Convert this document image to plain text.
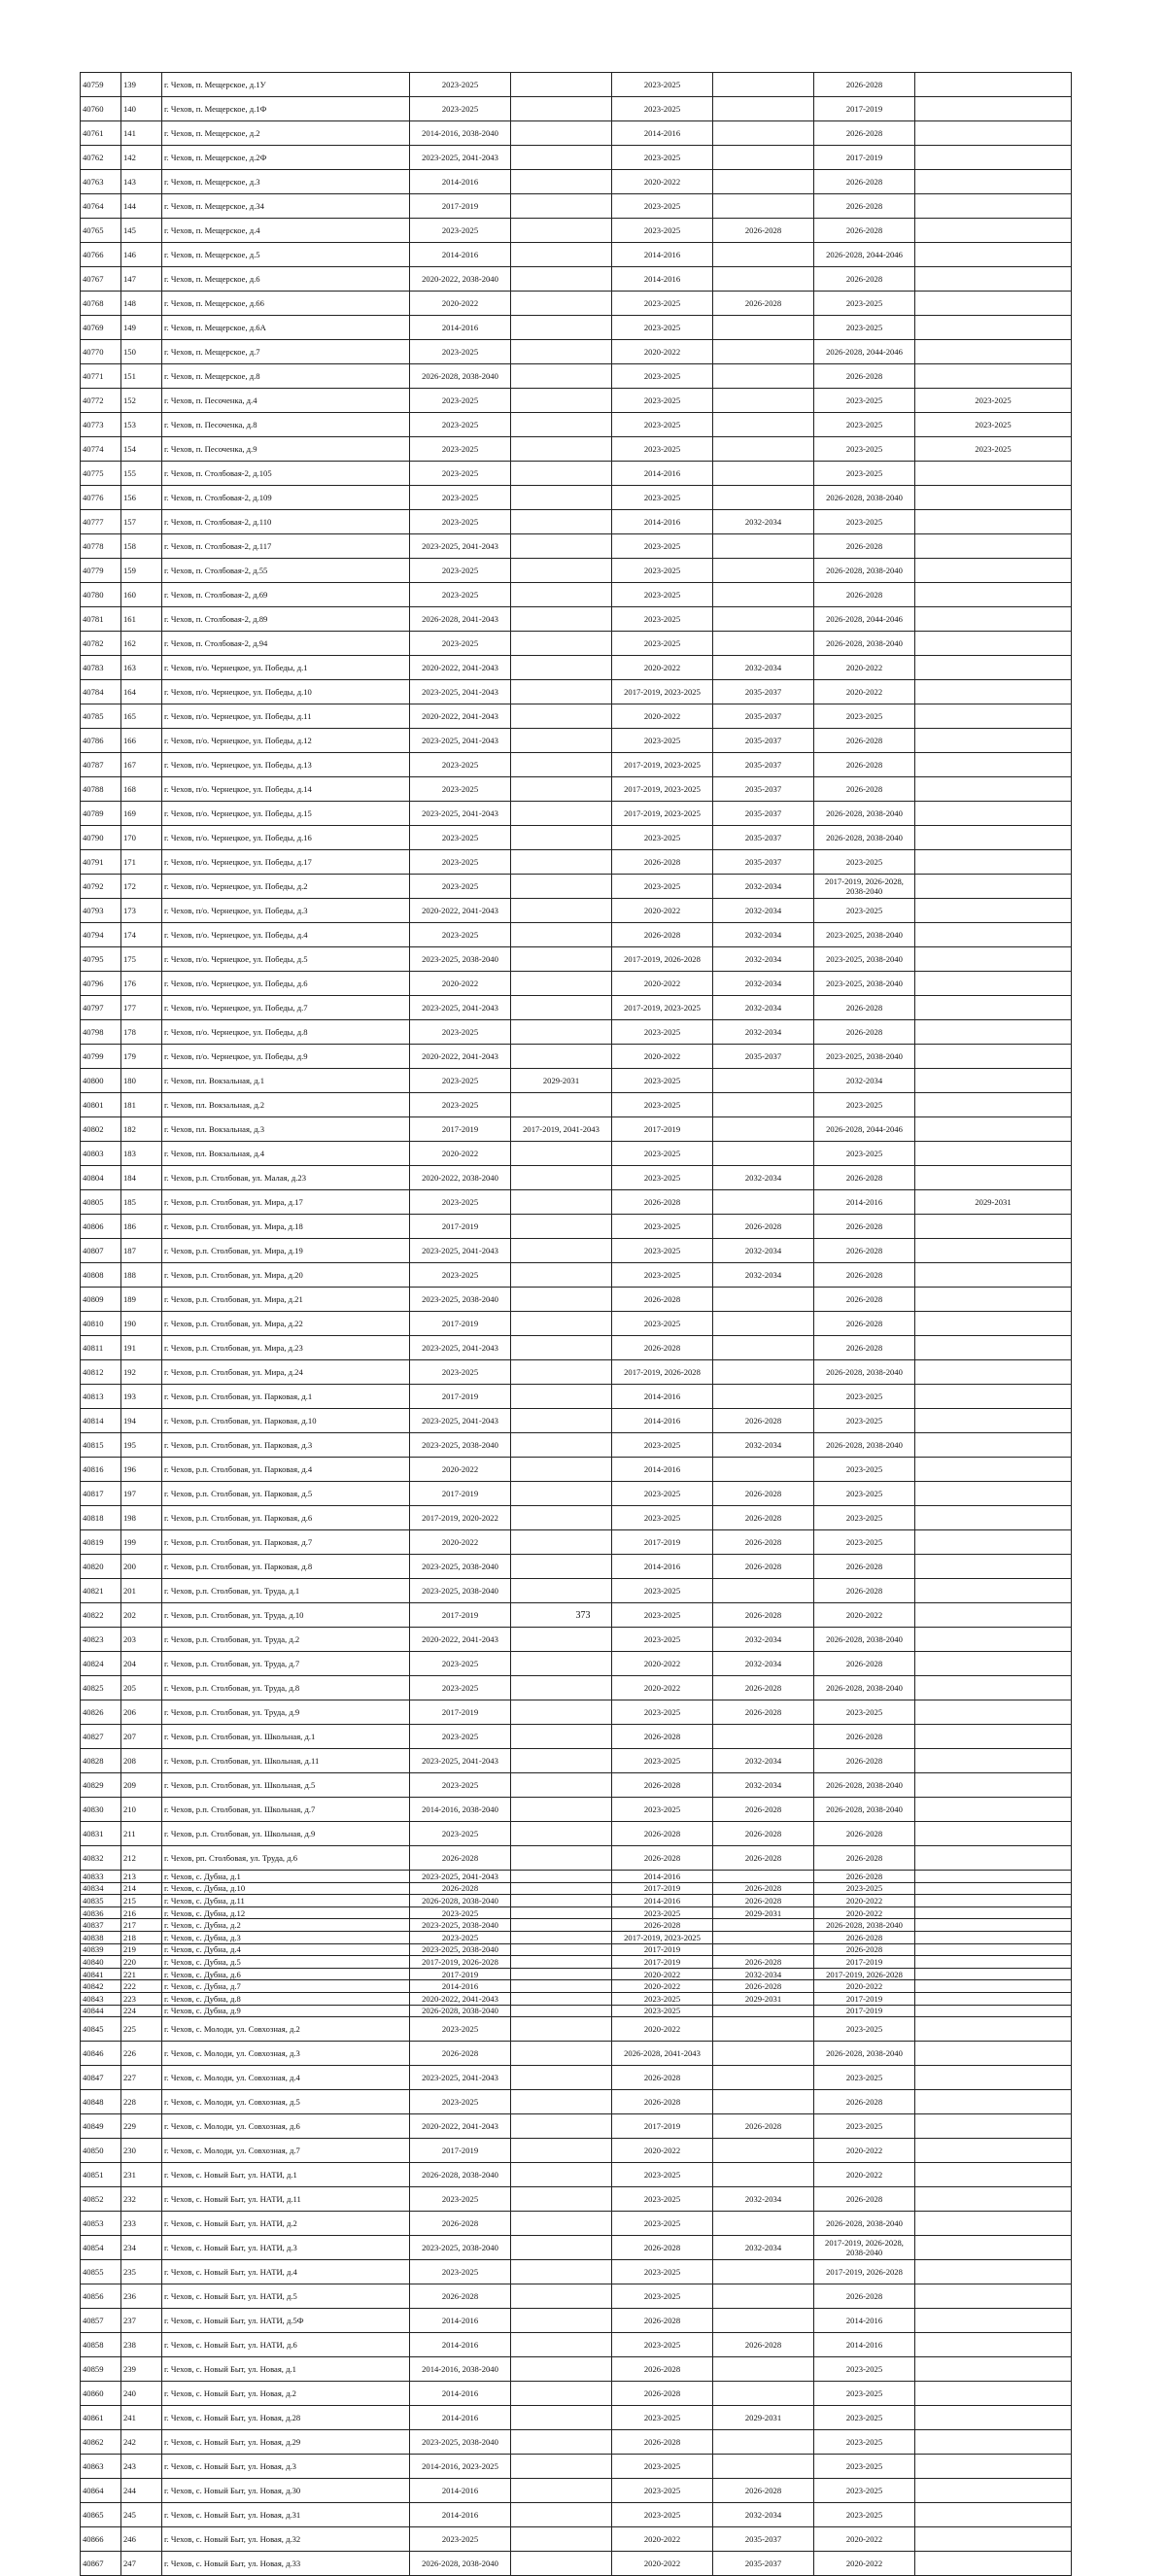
40759	139	г. Чехов, п. Мещерское, д.1У	2023-2025		2023-2025		2026-2028	
40760	140	г. Чехов, п. Мещерское, д.1Ф	2023-2025		2023-2025		2017-2019	
40761	141	г. Чехов, п. Мещерское, д.2	2014-2016, 2038-2040		2014-2016		2026-2028	
40762	142	г. Чехов, п. Мещерское, д.2Ф	2023-2025, 2041-2043		2023-2025		2017-2019	
40763	143	г. Чехов, п. Мещерское, д.3	2014-2016		2020-2022		2026-2028	
40764	144	г. Чехов, п. Мещерское, д.34	2017-2019		2023-2025		2026-2028	
40765	145	г. Чехов, п. Мещерское, д.4	2023-2025		2023-2025	2026-2028	2026-2028	
40766	146	г. Чехов, п. Мещерское, д.5	2014-2016		2014-2016		2026-2028, 2044-2046	
40767	147	г. Чехов, п. Мещерское, д.6	2020-2022, 2038-2040		2014-2016		2026-2028	
40768	148	г. Чехов, п. Мещерское, д.66	2020-2022		2023-2025	2026-2028	2023-2025	
40769	149	г. Чехов, п. Мещерское, д.6А	2014-2016		2023-2025		2023-2025	
40770	150	г. Чехов, п. Мещерское, д.7	2023-2025		2020-2022		2026-2028, 2044-2046	
40771	151	г. Чехов, п. Мещерское, д.8	2026-2028, 2038-2040		2023-2025		2026-2028	
40772	152	г. Чехов, п. Песоченка, д.4	2023-2025		2023-2025		2023-2025	2023-2025
40773	153	г. Чехов, п. Песоченка, д.8	2023-2025		2023-2025		2023-2025	2023-2025
40774	154	г. Чехов, п. Песоченка, д.9	2023-2025		2023-2025		2023-2025	2023-2025
40775	155	г. Чехов, п. Столбовая-2, д.105	2023-2025		2014-2016		2023-2025	
40776	156	г. Чехов, п. Столбовая-2, д.109	2023-2025		2023-2025		2026-2028, 2038-2040	
40777	157	г. Чехов, п. Столбовая-2, д.110	2023-2025		2014-2016	2032-2034	2023-2025	
40778	158	г. Чехов, п. Столбовая-2, д.117	2023-2025, 2041-2043		2023-2025		2026-2028	
40779	159	г. Чехов, п. Столбовая-2, д.55	2023-2025		2023-2025		2026-2028, 2038-2040	
40780	160	г. Чехов, п. Столбовая-2, д.69	2023-2025		2023-2025		2026-2028	
40781	161	г. Чехов, п. Столбовая-2, д.89	2026-2028, 2041-2043		2023-2025		2026-2028, 2044-2046	
40782	162	г. Чехов, п. Столбовая-2, д.94	2023-2025		2023-2025		2026-2028, 2038-2040	
40783	163	г. Чехов, п/о. Чернецкое, ул. Победы, д.1	2020-2022, 2041-2043		2020-2022	2032-2034	2020-2022	
40784	164	г. Чехов, п/о. Чернецкое, ул. Победы, д.10	2023-2025, 2041-2043		2017-2019, 2023-2025	2035-2037	2020-2022	
40785	165	г. Чехов, п/о. Чернецкое, ул. Победы, д.11	2020-2022, 2041-2043		2020-2022	2035-2037	2023-2025	
40786	166	г. Чехов, п/о. Чернецкое, ул. Победы, д.12	2023-2025, 2041-2043		2023-2025	2035-2037	2026-2028	
40787	167	г. Чехов, п/о. Чернецкое, ул. Победы, д.13	2023-2025		2017-2019, 2023-2025	2035-2037	2026-2028	
40788	168	г. Чехов, п/о. Чернецкое, ул. Победы, д.14	2023-2025		2017-2019, 2023-2025	2035-2037	2026-2028	
40789	169	г. Чехов, п/о. Чернецкое, ул. Победы, д.15	2023-2025, 2041-2043		2017-2019, 2023-2025	2035-2037	2026-2028, 2038-2040	
40790	170	г. Чехов, п/о. Чернецкое, ул. Победы, д.16	2023-2025		2023-2025	2035-2037	2026-2028, 2038-2040	
40791	171	г. Чехов, п/о. Чернецкое, ул. Победы, д.17	2023-2025		2026-2028	2035-2037	2023-2025	
40792	172	г. Чехов, п/о. Чернецкое, ул. Победы, д.2	2023-2025		2023-2025	2032-2034	2017-2019, 2026-2028, 2038-2040	
40793	173	г. Чехов, п/о. Чернецкое, ул. Победы, д.3	2020-2022, 2041-2043		2020-2022	2032-2034	2023-2025	
40794	174	г. Чехов, п/о. Чернецкое, ул. Победы, д.4	2023-2025		2026-2028	2032-2034	2023-2025, 2038-2040	
40795	175	г. Чехов, п/о. Чернецкое, ул. Победы, д.5	2023-2025, 2038-2040		2017-2019, 2026-2028	2032-2034	2023-2025, 2038-2040	
40796	176	г. Чехов, п/о. Чернецкое, ул. Победы, д.6	2020-2022		2020-2022	2032-2034	2023-2025, 2038-2040	
40797	177	г. Чехов, п/о. Чернецкое, ул. Победы, д.7	2023-2025, 2041-2043		2017-2019, 2023-2025	2032-2034	2026-2028	
40798	178	г. Чехов, п/о. Чернецкое, ул. Победы, д.8	2023-2025		2023-2025	2032-2034	2026-2028	
40799	179	г. Чехов, п/о. Чернецкое, ул. Победы, д.9	2020-2022, 2041-2043		2020-2022	2035-2037	2023-2025, 2038-2040	
40800	180	г. Чехов, пл. Вокзальная, д.1	2023-2025	2029-2031	2023-2025		2032-2034	
40801	181	г. Чехов, пл. Вокзальная, д.2	2023-2025		2023-2025		2023-2025	
40802	182	г. Чехов, пл. Вокзальная, д.3	2017-2019	2017-2019, 2041-2043	2017-2019		2026-2028, 2044-2046	
40803	183	г. Чехов, пл. Вокзальная, д.4	2020-2022		2023-2025		2023-2025	
40804	184	г. Чехов, р.п. Столбовая, ул. Малая, д.23	2020-2022, 2038-2040		2023-2025	2032-2034	2026-2028	
40805	185	г. Чехов, р.п. Столбовая, ул. Мира, д.17	2023-2025		2026-2028		2014-2016	2029-2031
40806	186	г. Чехов, р.п. Столбовая, ул. Мира, д.18	2017-2019		2023-2025	2026-2028	2026-2028	
40807	187	г. Чехов, р.п. Столбовая, ул. Мира, д.19	2023-2025, 2041-2043		2023-2025	2032-2034	2026-2028	
40808	188	г. Чехов, р.п. Столбовая, ул. Мира, д.20	2023-2025		2023-2025	2032-2034	2026-2028	
40809	189	г. Чехов, р.п. Столбовая, ул. Мира, д.21	2023-2025, 2038-2040		2026-2028		2026-2028	
40810	190	г. Чехов, р.п. Столбовая, ул. Мира, д.22	2017-2019		2023-2025		2026-2028	
40811	191	г. Чехов, р.п. Столбовая, ул. Мира, д.23	2023-2025, 2041-2043		2026-2028		2026-2028	
40812	192	г. Чехов, р.п. Столбовая, ул. Мира, д.24	2023-2025		2017-2019, 2026-2028		2026-2028, 2038-2040	
40813	193	г. Чехов, р.п. Столбовая, ул. Парковая, д.1	2017-2019		2014-2016		2023-2025	
40814	194	г. Чехов, р.п. Столбовая, ул. Парковая, д.10	2023-2025, 2041-2043		2014-2016	2026-2028	2023-2025	
40815	195	г. Чехов, р.п. Столбовая, ул. Парковая, д.3	2023-2025, 2038-2040		2023-2025	2032-2034	2026-2028, 2038-2040	
40816	196	г. Чехов, р.п. Столбовая, ул. Парковая, д.4	2020-2022		2014-2016		2023-2025	
40817	197	г. Чехов, р.п. Столбовая, ул. Парковая, д.5	2017-2019		2023-2025	2026-2028	2023-2025	
40818	198	г. Чехов, р.п. Столбовая, ул. Парковая, д.6	2017-2019, 2020-2022		2023-2025	2026-2028	2023-2025	
40819	199	г. Чехов, р.п. Столбовая, ул. Парковая, д.7	2020-2022		2017-2019	2026-2028	2023-2025	
40820	200	г. Чехов, р.п. Столбовая, ул. Парковая, д.8	2023-2025, 2038-2040		2014-2016	2026-2028	2026-2028	
40821	201	г. Чехов, р.п. Столбовая, ул. Труда, д.1	2023-2025, 2038-2040		2023-2025		2026-2028	
40822	202	г. Чехов, р.п. Столбовая, ул. Труда, д.10	2017-2019		2023-2025	2026-2028	2020-2022	
40823	203	г. Чехов, р.п. Столбовая, ул. Труда, д.2	2020-2022, 2041-2043		2023-2025	2032-2034	2026-2028, 2038-2040	
40824	204	г. Чехов, р.п. Столбовая, ул. Труда, д.7	2023-2025		2020-2022	2032-2034	2026-2028	
40825	205	г. Чехов, р.п. Столбовая, ул. Труда, д.8	2023-2025		2020-2022	2026-2028	2026-2028, 2038-2040	
40826	206	г. Чехов, р.п. Столбовая, ул. Труда, д.9	2017-2019		2023-2025	2026-2028	2023-2025	
40827	207	г. Чехов, р.п. Столбовая, ул. Школьная, д.1	2023-2025		2026-2028		2026-2028	
40828	208	г. Чехов, р.п. Столбовая, ул. Школьная, д.11	2023-2025, 2041-2043		2023-2025	2032-2034	2026-2028	
40829	209	г. Чехов, р.п. Столбовая, ул. Школьная, д.5	2023-2025		2026-2028	2032-2034	2026-2028, 2038-2040	
40830	210	г. Чехов, р.п. Столбовая, ул. Школьная, д.7	2014-2016, 2038-2040		2023-2025	2026-2028	2026-2028, 2038-2040	
40831	211	г. Чехов, р.п. Столбовая, ул. Школьная, д.9	2023-2025		2026-2028	2026-2028	2026-2028	
40832	212	г. Чехов, рп. Столбовая, ул. Труда, д.6	2026-2028		2026-2028	2026-2028	2026-2028	
40833	213	г. Чехов, с. Дубна, д.1	2023-2025, 2041-2043		2014-2016		2026-2028	
40834	214	г. Чехов, с. Дубна, д.10	2026-2028		2017-2019	2026-2028	2023-2025	
40835	215	г. Чехов, с. Дубна, д.11	2026-2028, 2038-2040		2014-2016	2026-2028	2020-2022	
40836	216	г. Чехов, с. Дубна, д.12	2023-2025		2023-2025	2029-2031	2020-2022	
40837	217	г. Чехов, с. Дубна, д.2	2023-2025, 2038-2040		2026-2028		2026-2028, 2038-2040	
40838	218	г. Чехов, с. Дубна, д.3	2023-2025		2017-2019, 2023-2025		2026-2028	
40839	219	г. Чехов, с. Дубна, д.4	2023-2025, 2038-2040		2017-2019		2026-2028	
40840	220	г. Чехов, с. Дубна, д.5	2017-2019, 2026-2028		2017-2019	2026-2028	2017-2019	
40841	221	г. Чехов, с. Дубна, д.6	2017-2019		2020-2022	2032-2034	2017-2019, 2026-2028	
40842	222	г. Чехов, с. Дубна, д.7	2014-2016		2020-2022	2026-2028	2020-2022	
40843	223	г. Чехов, с. Дубна, д.8	2020-2022, 2041-2043		2023-2025	2029-2031	2017-2019	
40844	224	г. Чехов, с. Дубна, д.9	2026-2028, 2038-2040		2023-2025		2017-2019	
40845	225	г. Чехов, с. Молоди, ул. Совхозная, д.2	2023-2025		2020-2022		2023-2025	
40846	226	г. Чехов, с. Молоди, ул. Совхозная, д.3	2026-2028		2026-2028, 2041-2043		2026-2028, 2038-2040	
40847	227	г. Чехов, с. Молоди, ул. Совхозная, д.4	2023-2025, 2041-2043		2026-2028		2023-2025	
40848	228	г. Чехов, с. Молоди, ул. Совхозная, д.5	2023-2025		2026-2028		2026-2028	
40849	229	г. Чехов, с. Молоди, ул. Совхозная, д.6	2020-2022, 2041-2043		2017-2019	2026-2028	2023-2025	
40850	230	г. Чехов, с. Молоди, ул. Совхозная, д.7	2017-2019		2020-2022		2020-2022	
40851	231	г. Чехов, с. Новый Быт, ул. НАТИ, д.1	2026-2028, 2038-2040		2023-2025		2020-2022	
40852	232	г. Чехов, с. Новый Быт, ул. НАТИ, д.11	2023-2025		2023-2025	2032-2034	2026-2028	
40853	233	г. Чехов, с. Новый Быт, ул. НАТИ, д.2	2026-2028		2023-2025		2026-2028, 2038-2040	
40854	234	г. Чехов, с. Новый Быт, ул. НАТИ, д.3	2023-2025, 2038-2040		2026-2028	2032-2034	2017-2019, 2026-2028, 2038-2040	
40855	235	г. Чехов, с. Новый Быт, ул. НАТИ, д.4	2023-2025		2023-2025		2017-2019, 2026-2028	
40856	236	г. Чехов, с. Новый Быт, ул. НАТИ, д.5	2026-2028		2023-2025		2026-2028	
40857	237	г. Чехов, с. Новый Быт, ул. НАТИ, д.5Ф	2014-2016		2026-2028		2014-2016	
40858	238	г. Чехов, с. Новый Быт, ул. НАТИ, д.6	2014-2016		2023-2025	2026-2028	2014-2016	
40859	239	г. Чехов, с. Новый Быт, ул. Новая, д.1	2014-2016, 2038-2040		2026-2028		2023-2025	
40860	240	г. Чехов, с. Новый Быт, ул. Новая, д.2	2014-2016		2026-2028		2023-2025	
40861	241	г. Чехов, с. Новый Быт, ул. Новая, д.28	2014-2016		2023-2025	2029-2031	2023-2025	
40862	242	г. Чехов, с. Новый Быт, ул. Новая, д.29	2023-2025, 2038-2040		2026-2028		2023-2025	
40863	243	г. Чехов, с. Новый Быт, ул. Новая, д.3	2014-2016, 2023-2025		2023-2025		2023-2025	
40864	244	г. Чехов, с. Новый Быт, ул. Новая, д.30	2014-2016		2023-2025	2026-2028	2023-2025	
40865	245	г. Чехов, с. Новый Быт, ул. Новая, д.31	2014-2016		2023-2025	2032-2034	2023-2025	
40866	246	г. Чехов, с. Новый Быт, ул. Новая, д.32	2023-2025		2020-2022	2035-2037	2020-2022	
40867	247	г. Чехов, с. Новый Быт, ул. Новая, д.33	2026-2028, 2038-2040		2020-2022	2035-2037	2020-2022	
373
